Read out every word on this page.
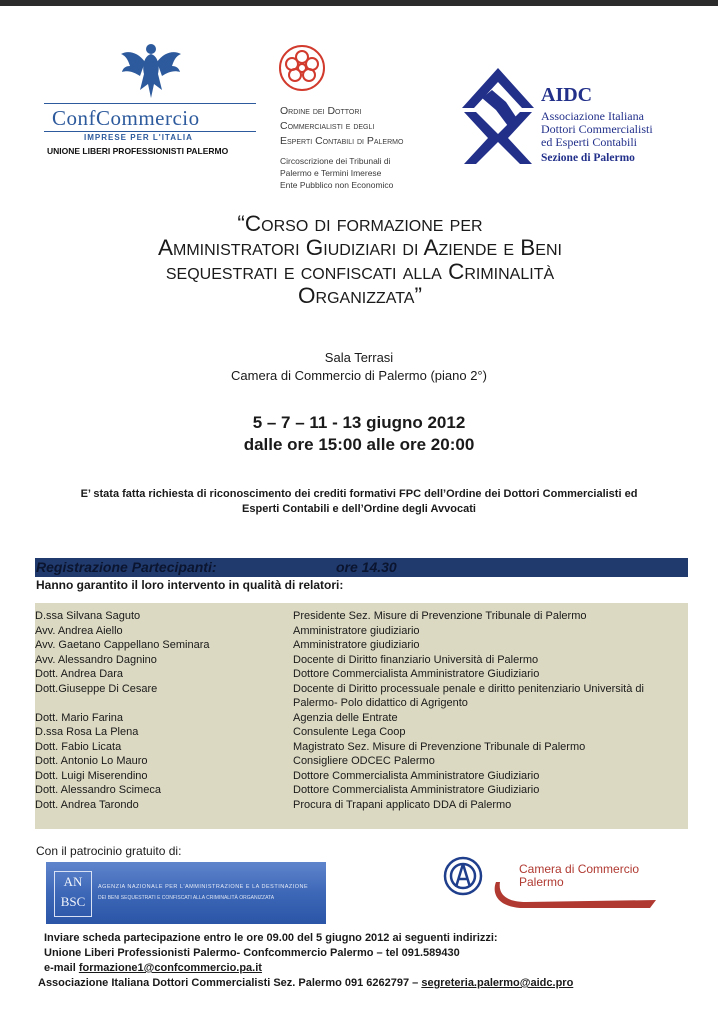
ConfCommercio
IMPRESE PER L'ITALIA
UNIONE LIBERI PROFESSIONISTI PALERMO
Ordine dei Dottori
Commercialisti e degli
Esperti Contabili di Palermo
Circoscrizione dei Tribunali di
Palermo e Termini Imerese
Ente Pubblico non Economico
AIDC
Associazione Italiana
Dottori Commercialisti
ed Esperti Contabili
Sezione di Palermo
“Corso di formazione per
Amministratori Giudiziari di Aziende e Beni
sequestrati e confiscati alla Criminalità
Organizzata”
Sala Terrasi
Camera di Commercio di Palermo (piano 2°)
5 – 7 – 11 - 13 giugno 2012
dalle ore 15:00 alle ore 20:00
E’ stata fatta richiesta di riconoscimento dei crediti formativi FPC dell’Ordine dei Dottori Commercialisti ed Esperti Contabili e dell’Ordine degli Avvocati
Registrazione Partecipanti:	ore 14.30
Hanno garantito il loro intervento in qualità di relatori:
D.ssa Silvana Saguto	Presidente Sez. Misure di Prevenzione Tribunale di Palermo
Avv. Andrea Aiello	Amministratore giudiziario
Avv. Gaetano Cappellano Seminara	Amministratore giudiziario
Avv. Alessandro Dagnino	Docente di Diritto finanziario Università di Palermo
Dott. Andrea Dara	Dottore Commercialista Amministratore Giudiziario
Dott.Giuseppe Di Cesare	Docente di Diritto processuale penale e diritto penitenziario Università di Palermo- Polo didattico di Agrigento
Dott. Mario Farina	Agenzia delle Entrate
D.ssa Rosa La Plena	Consulente Lega Coop
Dott. Fabio Licata	Magistrato Sez. Misure di Prevenzione Tribunale di Palermo
Dott. Antonio Lo Mauro	Consigliere ODCEC Palermo
Dott. Luigi Miserendino	Dottore Commercialista Amministratore Giudiziario
Dott. Alessandro Scimeca	Dottore Commercialista Amministratore Giudiziario
Dott. Andrea Tarondo	Procura di Trapani applicato DDA di Palermo
Con il patrocinio gratuito di:
AN
BSC
AGENZIA NAZIONALE PER L'AMMINISTRAZIONE E LA DESTINAZIONE
DEI BENI SEQUESTRATI E CONFISCATI ALLA CRIMINALITÀ ORGANIZZATA
Camera di Commercio
Palermo
Inviare scheda partecipazione entro le ore 09.00 del 5 giugno 2012 ai seguenti indirizzi:
Unione Liberi Professionisti Palermo- Confcommercio Palermo – tel 091.589430
e-mail formazione1@confcommercio.pa.it
Associazione Italiana Dottori Commercialisti Sez. Palermo 091 6262797 – segreteria.palermo@aidc.pro
